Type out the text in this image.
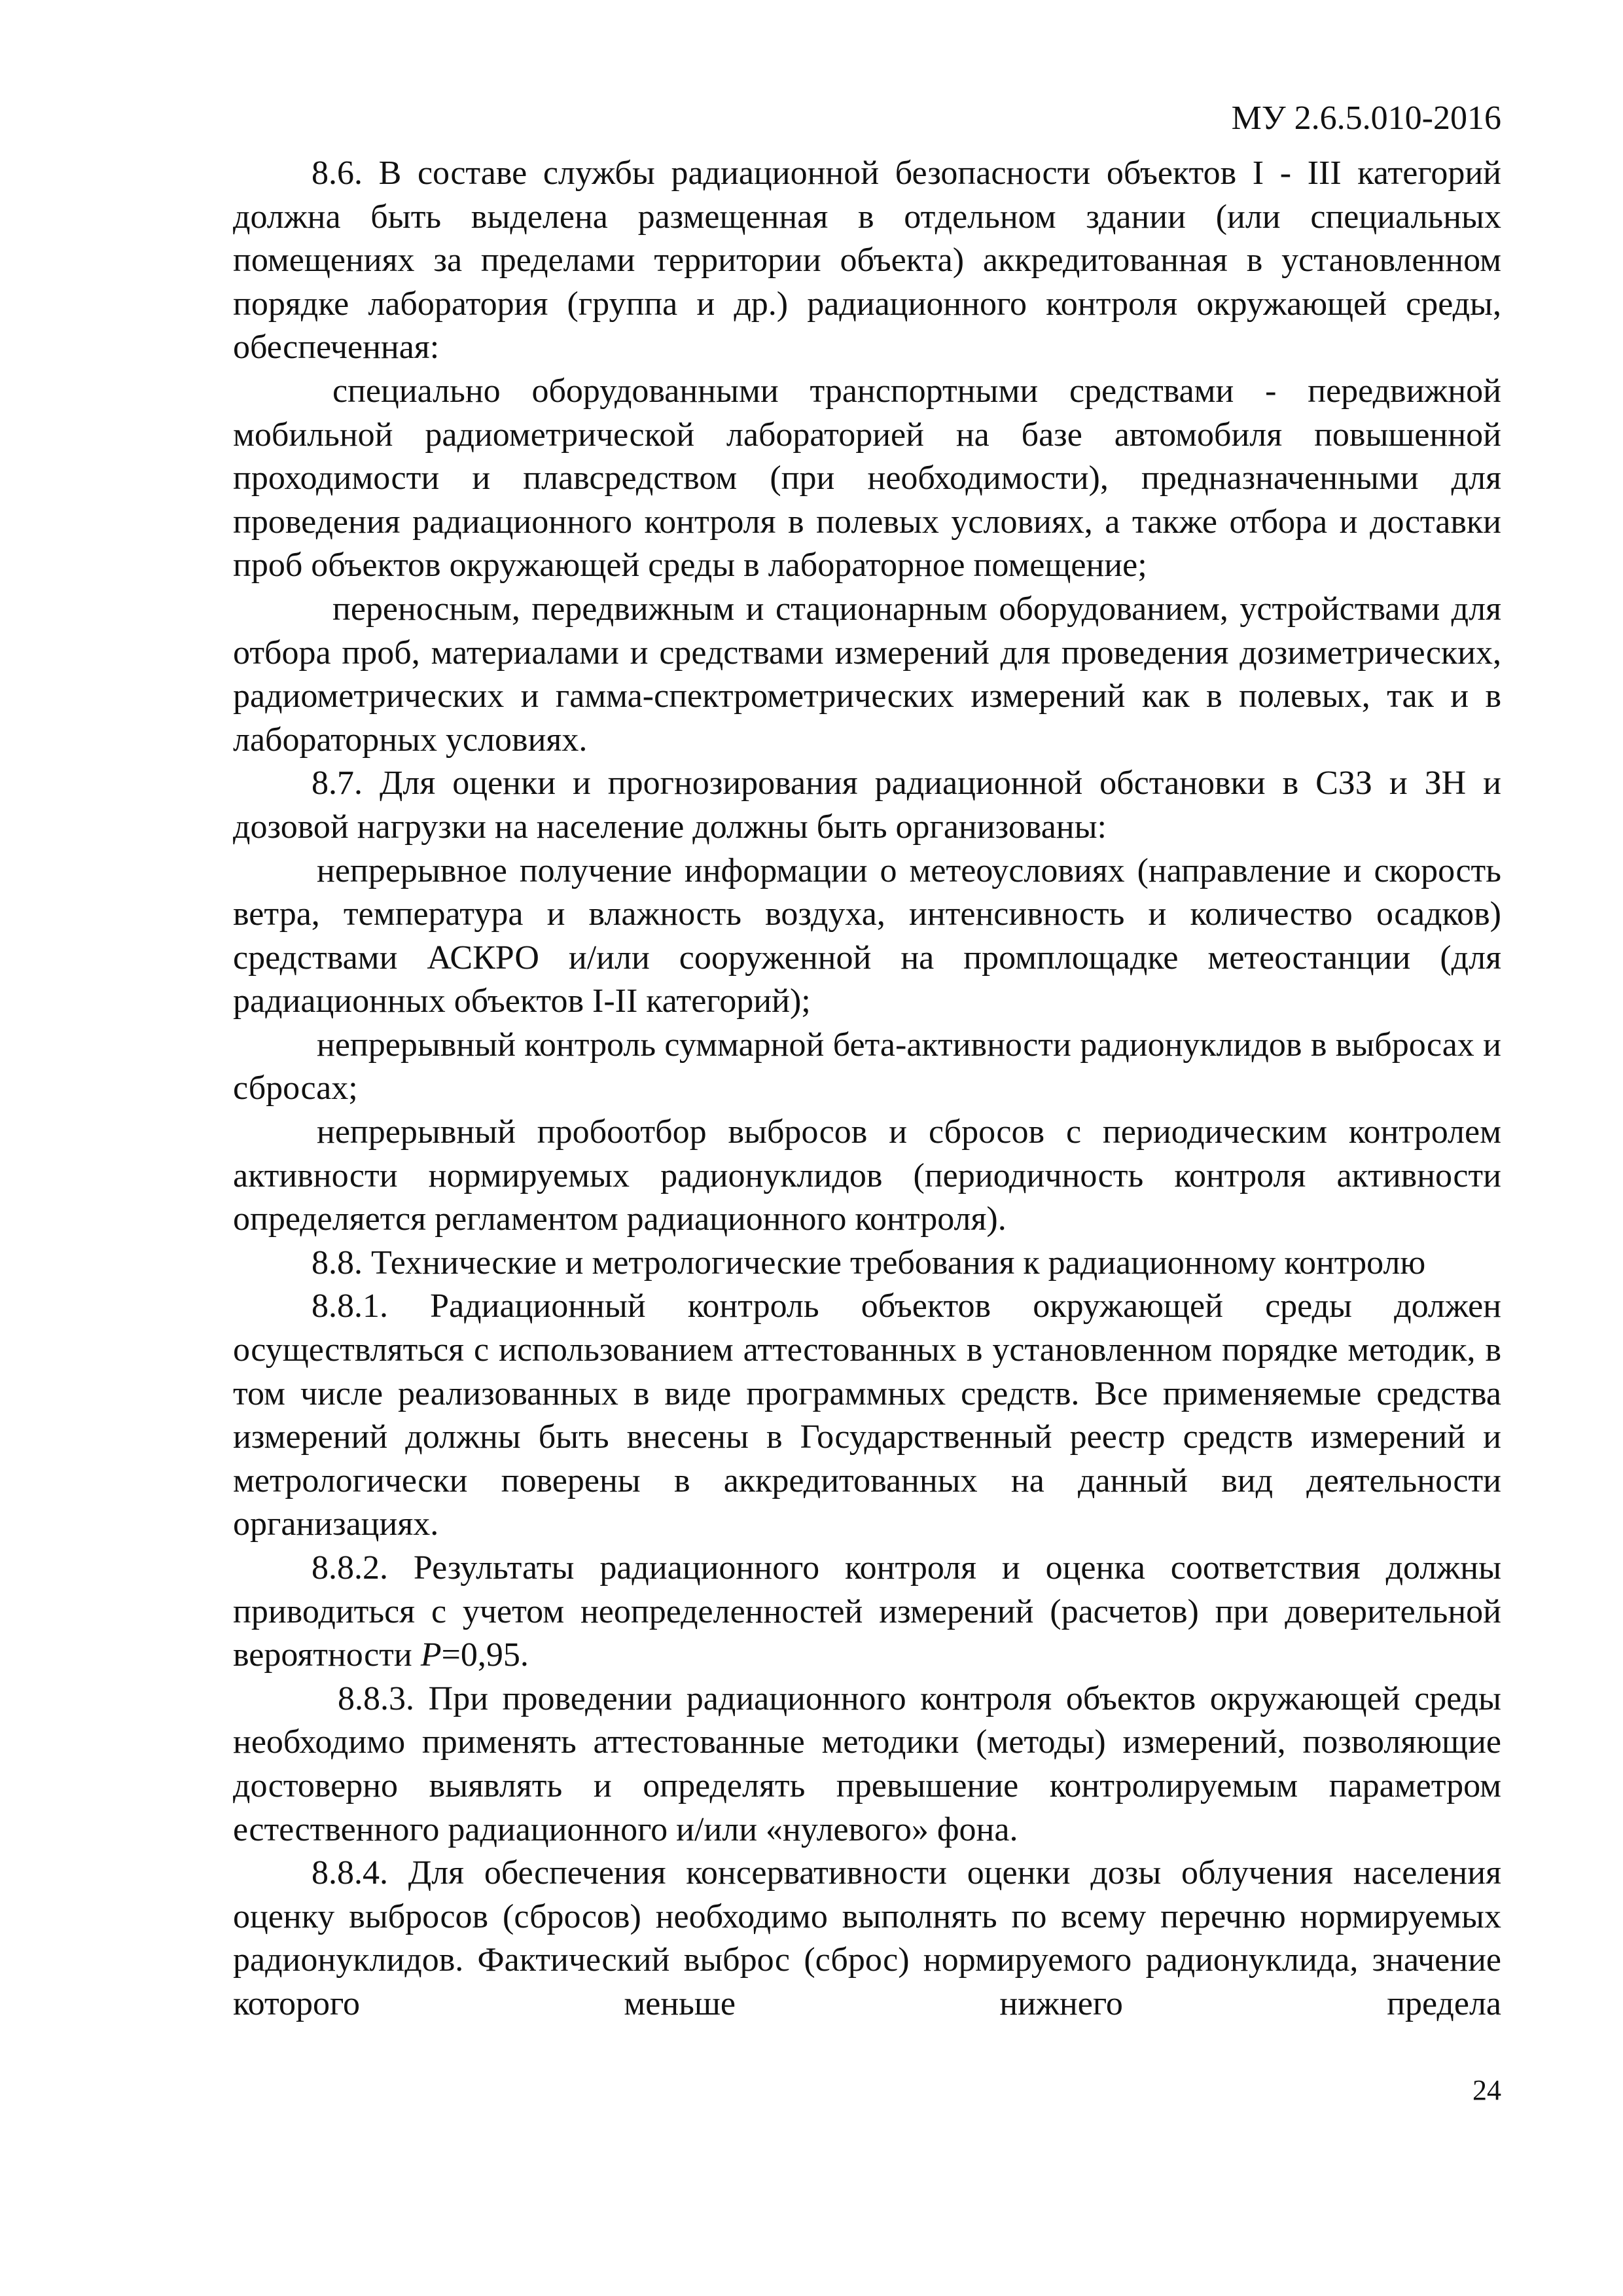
МУ 2.6.5.010-2016

8.6. В составе службы радиационной безопасности объектов I - III категорий должна быть выделена размещенная в отдельном здании (или специальных помещениях за пределами территории объекта) аккредитованная в установленном порядке лаборатория (группа и др.) радиационного контроля окружающей среды, обеспеченная:

специально оборудованными транспортными средствами - передвижной мобильной радиометрической лабораторией на базе автомобиля повышенной проходимости и плавсредством (при необходимости), предназначенными для проведения радиационного контроля в полевых условиях, а также отбора и доставки проб объектов окружающей среды в лабораторное помещение;

переносным, передвижным и стационарным оборудованием, устройствами для отбора проб, материалами и средствами измерений для проведения дозиметрических, радиометрических и гамма-спектрометрических измерений как в полевых, так и в лабораторных условиях.

8.7. Для оценки и прогнозирования радиационной обстановки в СЗЗ и ЗН и дозовой нагрузки на население должны быть организованы:

непрерывное получение информации о метеоусловиях (направление и скорость ветра, температура и влажность воздуха, интенсивность и количество осадков) средствами АСКРО и/или сооруженной на промплощадке метеостанции (для радиационных объектов I-II категорий);

непрерывный контроль суммарной бета-активности радионуклидов в выбросах и сбросах;

непрерывный пробоотбор выбросов и сбросов с периодическим контролем активности нормируемых радионуклидов (периодичность контроля активности определяется регламентом радиационного контроля).

8.8. Технические и метрологические требования к радиационному контролю

8.8.1. Радиационный контроль объектов окружающей среды должен осуществляться с использованием аттестованных в установленном порядке методик, в том числе реализованных в виде программных средств. Все применяемые средства измерений должны быть внесены в Государственный реестр средств измерений и метрологически поверены в аккредитованных на данный вид деятельности организациях.

8.8.2. Результаты радиационного контроля и оценка соответствия должны приводиться с учетом неопределенностей измерений (расчетов) при доверительной вероятности P=0,95.

8.8.3. При проведении радиационного контроля объектов окружающей среды необходимо применять аттестованные методики (методы) измерений, позволяющие достоверно выявлять и определять превышение контролируемым параметром естественного радиационного и/или «нулевого» фона.

8.8.4. Для обеспечения консервативности оценки дозы облучения населения оценку выбросов (сбросов) необходимо выполнять по всему перечню нормируемых радионуклидов. Фактический выброс (сброс) нормируемого радионуклида, значение которого меньше нижнего предела

24
